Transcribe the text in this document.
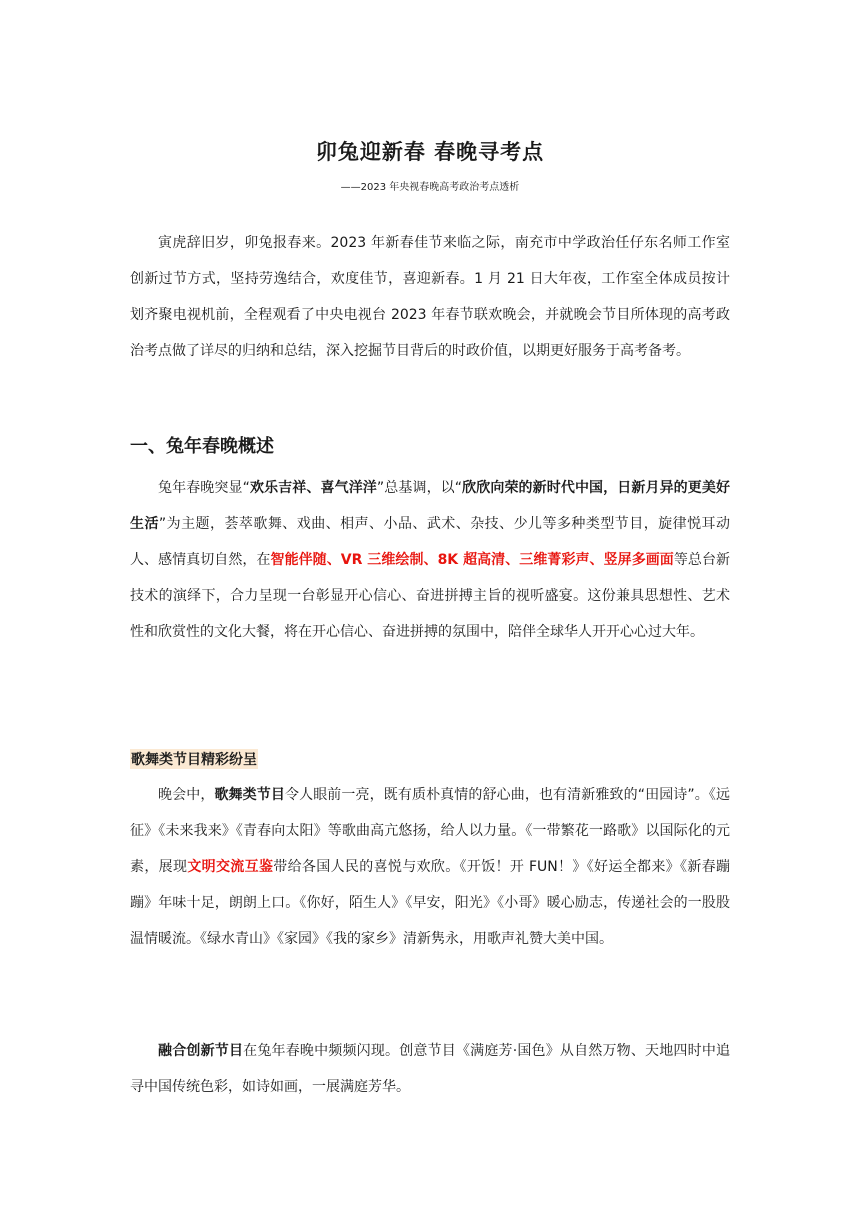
卯兔迎新春 春晚寻考点
——2023 年央视春晚高考政治考点透析
寅虎辞旧岁，卯兔报春来。2023 年新春佳节来临之际，南充市中学政治任仔东名师工作室创新过节方式，坚持劳逸结合，欢度佳节，喜迎新春。1 月 21 日大年夜，工作室全体成员按计划齐聚电视机前，全程观看了中央电视台 2023 年春节联欢晚会，并就晚会节目所体现的高考政治考点做了详尽的归纳和总结，深入挖掘节目背后的时政价值，以期更好服务于高考备考。
一、兔年春晚概述
兔年春晚突显“欢乐吉祥、喜气洋洋”总基调，以“欣欣向荣的新时代中国，日新月异的更美好生活”为主题，荟萃歌舞、戏曲、相声、小品、武术、杂技、少儿等多种类型节目，旋律悦耳动人、感情真切自然，在智能伴随、VR 三维绘制、8K 超高清、三维菁彩声、竖屏多画面等总台新技术的演绎下，合力呈现一台彰显开心信心、奋进拼搏主旨的视听盛宴。这份兼具思想性、艺术性和欣赏性的文化大餐，将在开心信心、奋进拼搏的氛围中，陪伴全球华人开开心心过大年。
歌舞类节目精彩纷呈
晚会中，歌舞类节目令人眼前一亮，既有质朴真情的舒心曲，也有清新雅致的“田园诗”。《远征》《未来我来》《青春向太阳》等歌曲高亢悠扬，给人以力量。《一带繁花一路歌》以国际化的元素，展现文明交流互鉴带给各国人民的喜悦与欢欣。《开饭！开 FUN！》《好运全都来》《新春蹦蹦》年味十足，朗朗上口。《你好，陌生人》《早安，阳光》《小哥》暖心励志，传递社会的一股股温情暖流。《绿水青山》《家园》《我的家乡》清新隽永，用歌声礼赞大美中国。
融合创新节目在兔年春晚中频频闪现。创意节目《满庭芳·国色》从自然万物、天地四时中追寻中国传统色彩，如诗如画，一展满庭芳华。
